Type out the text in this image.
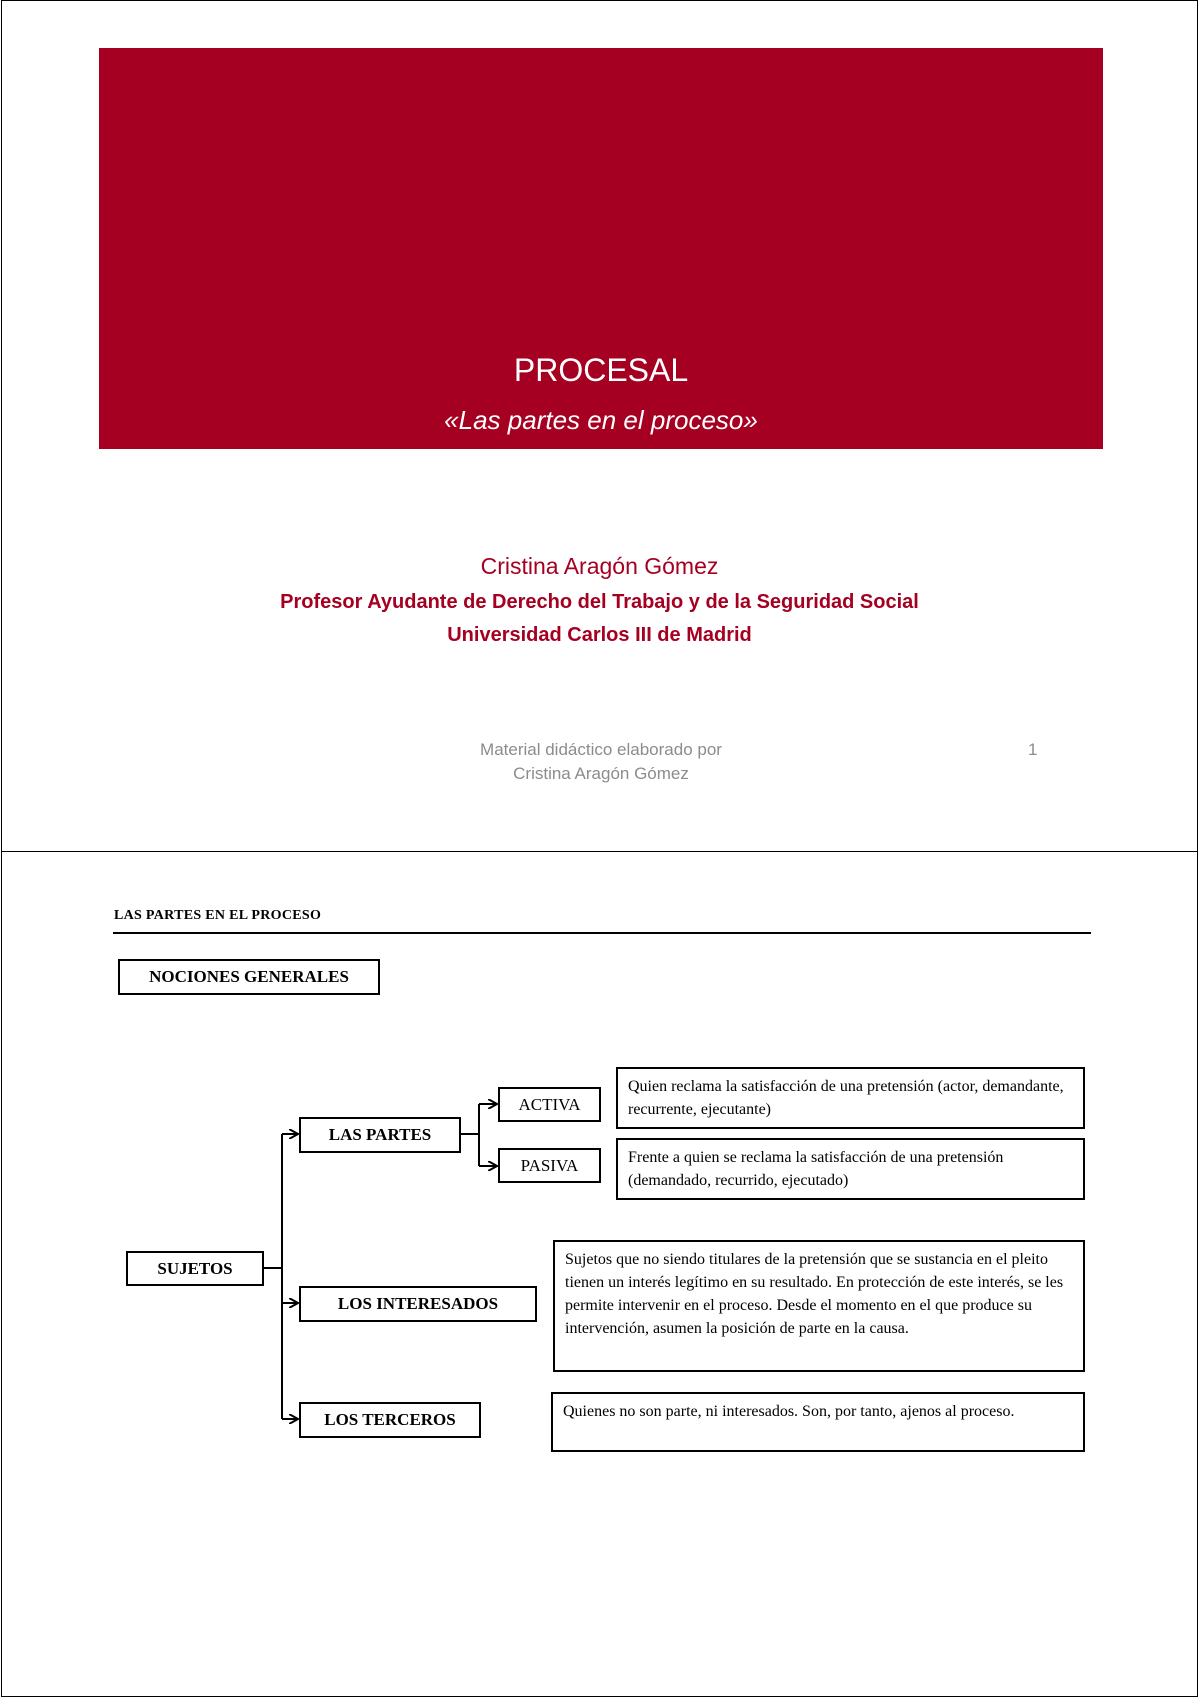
PROCESAL
«Las partes en el proceso»
Cristina Aragón Gómez
Profesor Ayudante de Derecho del Trabajo y de la Seguridad Social
Universidad Carlos III de Madrid
Material didáctico elaborado por
Cristina Aragón Gómez
1
LAS PARTES EN EL PROCESO
NOCIONES GENERALES
SUJETOS
LAS PARTES
ACTIVA
PASIVA
LOS INTERESADOS
LOS TERCEROS
Quien reclama la satisfacción de una pretensión (actor, demandante, recurrente, ejecutante)
Frente a quien se reclama la satisfacción de una pretensión (demandado, recurrido, ejecutado)
Sujetos que no siendo titulares de la pretensión que se sustancia en el pleito tienen un interés legítimo en su resultado. En protección de este interés, se les permite intervenir en el proceso. Desde el momento en el que produce su intervención, asumen la posición de parte en la causa.
Quienes no son parte, ni interesados. Son, por tanto, ajenos al proceso.
